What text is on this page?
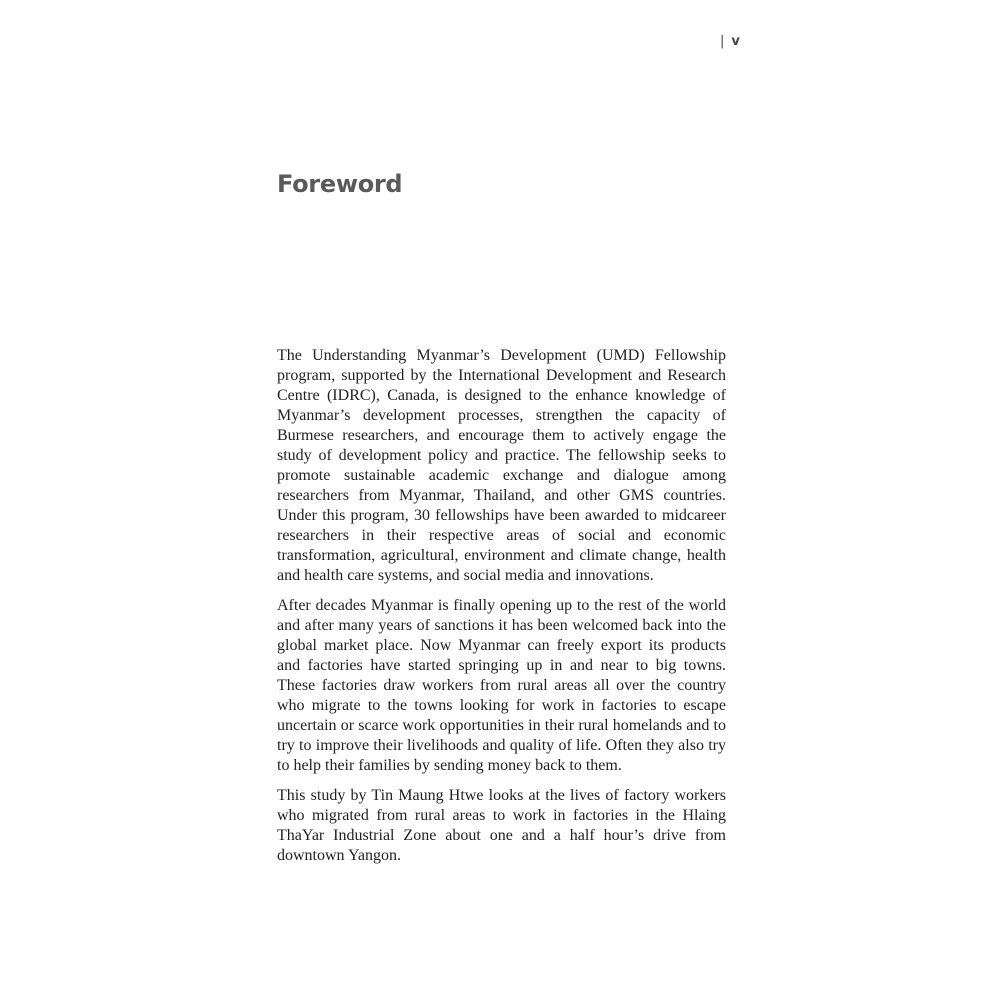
| v
Foreword

The Understanding Myanmar’s Development (UMD) Fellowship program, supported by the International Development and Research Centre (IDRC), Canada, is designed to the enhance knowledge of Myanmar’s development processes, strengthen the capacity of Burmese researchers, and encourage them to actively engage the study of development policy and practice. The fellowship seeks to promote sustainable academic exchange and dialogue among researchers from Myanmar, Thailand, and other GMS countries. Under this program, 30 fellowships have been awarded to midcareer researchers in their respective areas of social and economic transformation, agricultural, environment and climate change, health and health care systems, and social media and innovations.

After decades Myanmar is finally opening up to the rest of the world and after many years of sanctions it has been welcomed back into the global market place. Now Myanmar can freely export its products and factories have started springing up in and near to big towns. These factories draw workers from rural areas all over the country who migrate to the towns looking for work in factories to escape uncertain or scarce work opportunities in their rural homelands and to try to improve their livelihoods and quality of life. Often they also try to help their families by sending money back to them.

This study by Tin Maung Htwe looks at the lives of factory workers who migrated from rural areas to work in factories in the Hlaing ThaYar Industrial Zone about one and a half hour’s drive from downtown Yangon.
